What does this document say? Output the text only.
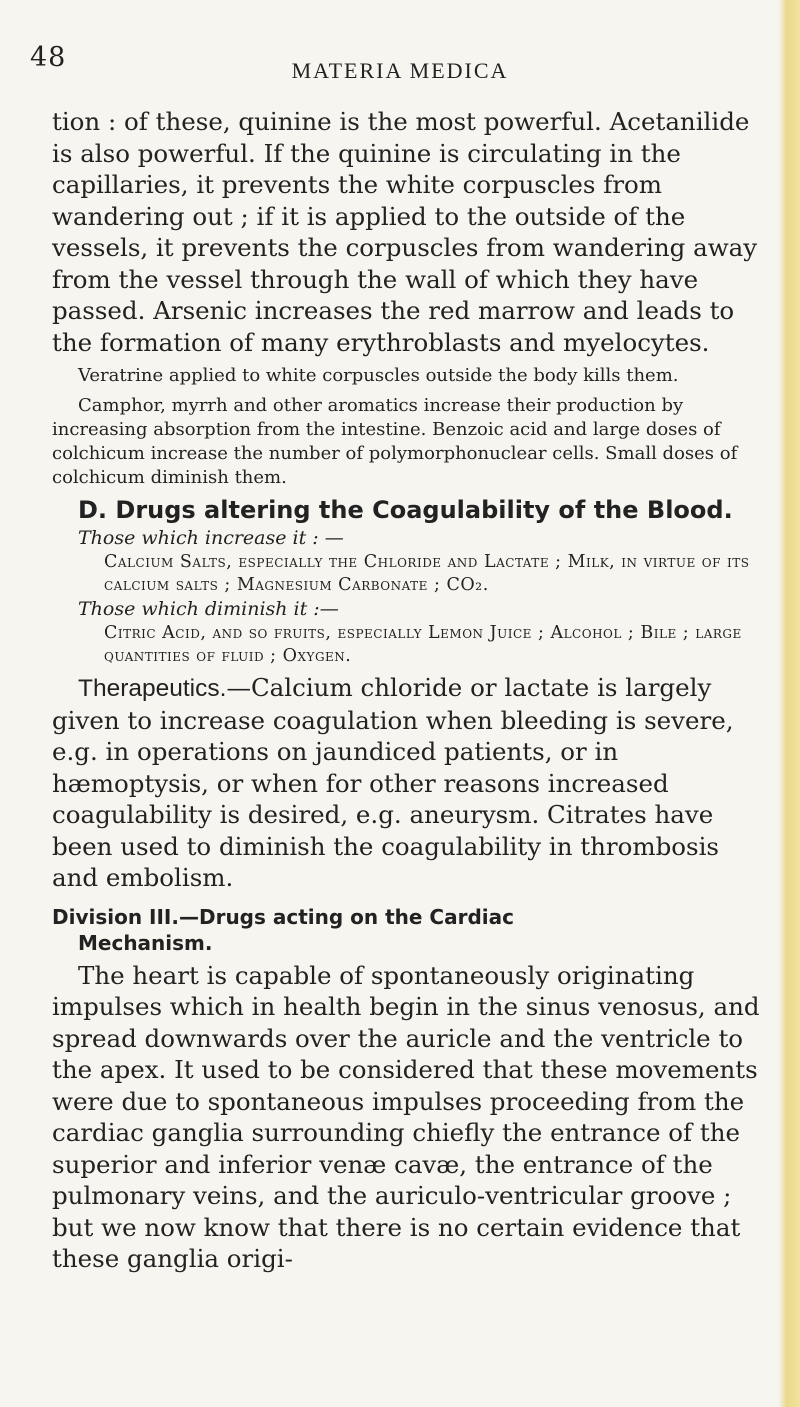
48	MATERIA MEDICA

tion : of these, quinine is the most powerful. Acetanilide is also powerful. If the quinine is circulating in the capillaries, it prevents the white corpuscles from wandering out ; if it is applied to the outside of the vessels, it prevents the corpuscles from wandering away from the vessel through the wall of which they have passed. Arsenic increases the red marrow and leads to the formation of many erythroblasts and myelocytes.

Veratrine applied to white corpuscles outside the body kills them.

Camphor, myrrh and other aromatics increase their production by increasing absorption from the intestine. Benzoic acid and large doses of colchicum increase the number of polymorphonuclear cells. Small doses of colchicum diminish them.

D. Drugs altering the Coagulability of the Blood.

Those which increase it : —

Calcium Salts, especially the Chloride and Lactate ; Milk, in virtue of its calcium salts ; Magnesium Carbonate ; CO₂.

Those which diminish it :—

Citric Acid, and so fruits, especially Lemon Juice ; Alcohol ; Bile ; large quantities of fluid ; Oxygen.

Therapeutics.—Calcium chloride or lactate is largely given to increase coagulation when bleeding is severe, e.g. in operations on jaundiced patients, or in hæmoptysis, or when for other reasons increased coagulability is desired, e.g. aneurysm. Citrates have been used to diminish the coagulability in thrombosis and embolism.

Division III.—Drugs acting on the Cardiac
Mechanism.

The heart is capable of spontaneously originating impulses which in health begin in the sinus venosus, and spread downwards over the auricle and the ventricle to the apex. It used to be considered that these movements were due to spontaneous impulses proceeding from the cardiac ganglia surrounding chiefly the entrance of the superior and inferior venæ cavæ, the entrance of the pulmonary veins, and the auriculo-ventricular groove ; but we now know that there is no certain evidence that these ganglia origi-
